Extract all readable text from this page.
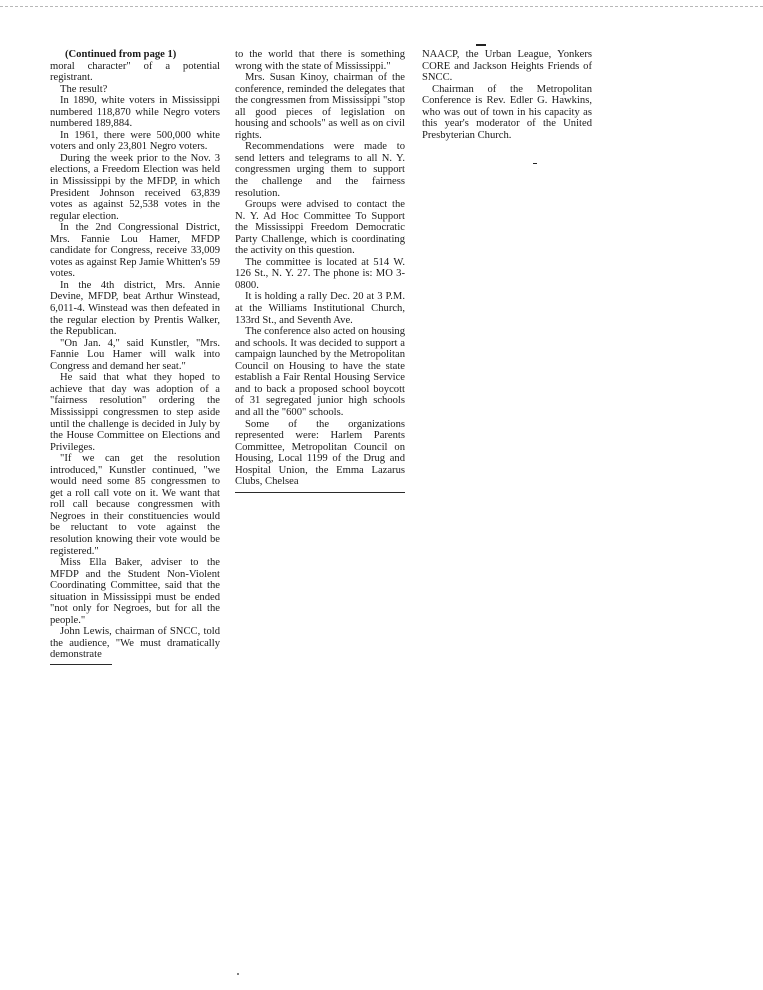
(Continued from page 1)

moral character" of a potential registrant.

The result?

In 1890, white voters in Mississippi numbered 118,870 while Negro voters numbered 189,884.

In 1961, there were 500,000 white voters and only 23,801 Negro voters.

During the week prior to the Nov. 3 elections, a Freedom Election was held in Mississippi by the MFDP, in which President Johnson received 63,839 votes as against 52,538 votes in the regular election.

In the 2nd Congressional District, Mrs. Fannie Lou Hamer, MFDP candidate for Congress, receive 33,009 votes as against Rep Jamie Whitten's 59 votes.

In the 4th district, Mrs. Annie Devine, MFDP, beat Arthur Winstead, 6,011-4. Winstead was then defeated in the regular election by Prentis Walker, the Republican.

"On Jan. 4," said Kunstler, "Mrs. Fannie Lou Hamer will walk into Congress and demand her seat."

He said that what they hoped to achieve that day was adoption of a "fairness resolution" ordering the Mississippi congressmen to step aside until the challenge is decided in July by the House Committee on Elections and Privileges.

"If we can get the resolution introduced," Kunstler continued, "we would need some 85 congressmen to get a roll call vote on it. We want that roll call because congressmen with Negroes in their constituencies would be reluctant to vote against the resolution knowing their vote would be registered."

Miss Ella Baker, adviser to the MFDP and the Student Non-Violent Coordinating Committee, said that the situation in Mississippi must be ended "not only for Negroes, but for all the people."

John Lewis, chairman of SNCC, told the audience, "We must dramatically demonstrate

to the world that there is something wrong with the state of Mississippi."

Mrs. Susan Kinoy, chairman of the conference, reminded the delegates that the congressmen from Mississippi "stop all good pieces of legislation on housing and schools" as well as on civil rights.

Recommendations were made to send letters and telegrams to all N. Y. congressmen urging them to support the challenge and the fairness resolution.

Groups were advised to contact the N. Y. Ad Hoc Committee To Support the Mississippi Freedom Democratic Party Challenge, which is coordinating the activity on this question.

The committee is located at 514 W. 126 St., N. Y. 27. The phone is: MO 3-0800.

It is holding a rally Dec. 20 at 3 P.M. at the Williams Institutional Church, 133rd St., and Seventh Ave.

The conference also acted on housing and schools. It was decided to support a campaign launched by the Metropolitan Council on Housing to have the state establish a Fair Rental Housing Service and to back a proposed school boycott of 31 segregated junior high schools and all the "600" schools.

Some of the organizations represented were: Harlem Parents Committee, Metropolitan Council on Housing, Local 1199 of the Drug and Hospital Union, the Emma Lazarus Clubs, Chelsea

NAACP, the Urban League, Yonkers CORE and Jackson Heights Friends of SNCC.

Chairman of the Metropolitan Conference is Rev. Edler G. Hawkins, who was out of town in his capacity as this year's moderator of the United Presbyterian Church.
